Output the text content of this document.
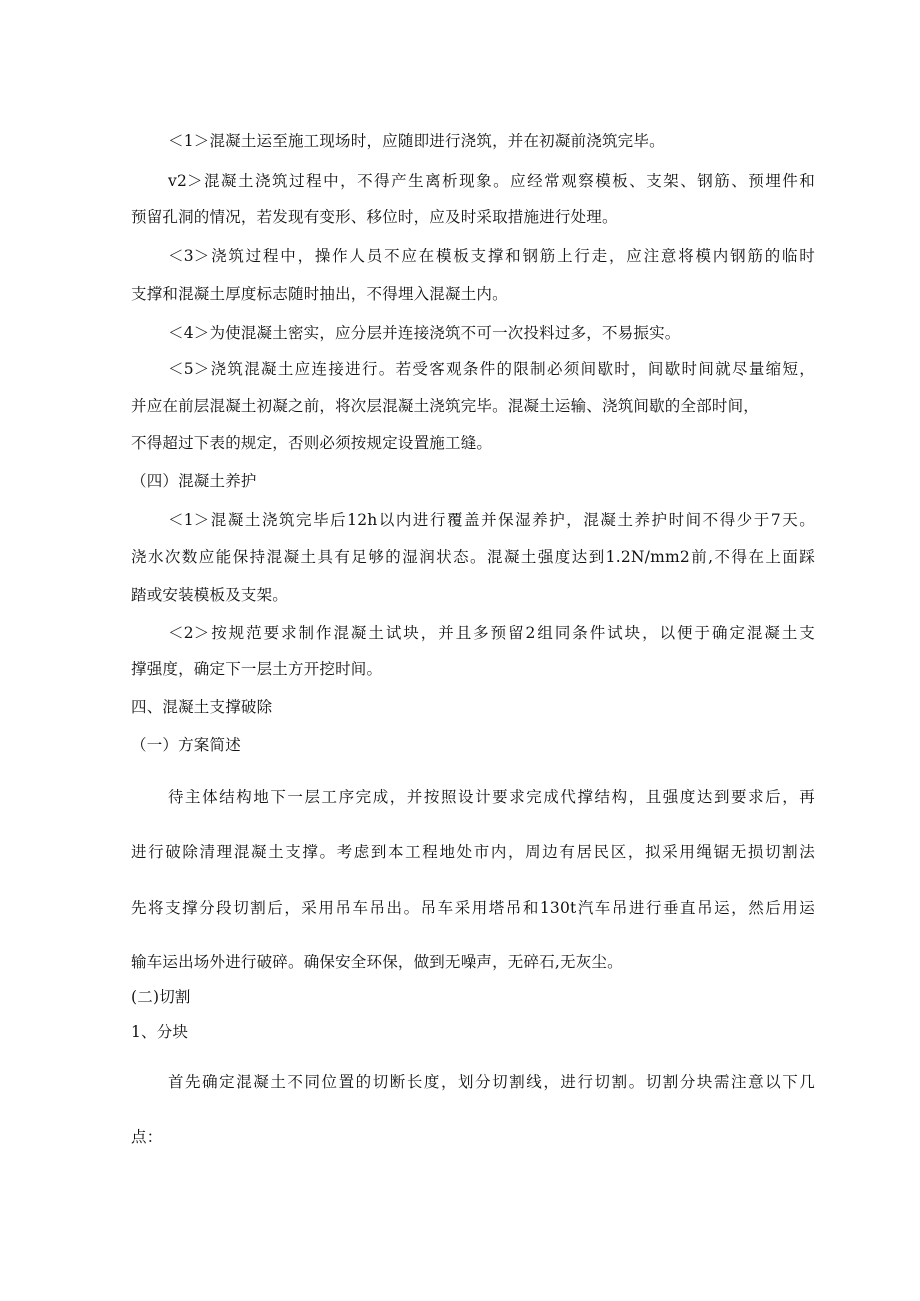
＜1＞混凝土运至施工现场时，应随即进行浇筑，并在初凝前浇筑完毕。
v2＞混凝土浇筑过程中，不得产生离析现象。应经常观察模板、支架、钢筋、预埋件和
预留孔洞的情况，若发现有变形、移位时，应及时采取措施进行处理。
＜3＞浇筑过程中，操作人员不应在模板支撑和钢筋上行走，应注意将模内钢筋的临时
支撑和混凝土厚度标志随时抽出，不得埋入混凝土内。
＜4＞为使混凝土密实，应分层并连接浇筑不可一次投料过多，不易振实。
＜5＞浇筑混凝土应连接进行。若受客观条件的限制必须间歇时，间歇时间就尽量缩短，
并应在前层混凝土初凝之前，将次层混凝土浇筑完毕。混凝土运输、浇筑间歇的全部时间，
不得超过下表的规定，否则必须按规定设置施工缝。
（四）混凝土养护
＜1＞混凝土浇筑完毕后12h以内进行覆盖并保湿养护，混凝土养护时间不得少于7天。
浇水次数应能保持混凝土具有足够的湿润状态。混凝土强度达到1.2N/mm2前,不得在上面踩
踏或安装模板及支架。
＜2＞按规范要求制作混凝土试块，并且多预留2组同条件试块，以便于确定混凝土支
撑强度，确定下一层土方开挖时间。
四、混凝土支撑破除
（一）方案简述
待主体结构地下一层工序完成，并按照设计要求完成代撑结构，且强度达到要求后，再
进行破除清理混凝土支撑。考虑到本工程地处市内，周边有居民区，拟采用绳锯无损切割法
先将支撑分段切割后，采用吊车吊出。吊车采用塔吊和130t汽车吊进行垂直吊运，然后用运
输车运出场外进行破碎。确保安全环保，做到无噪声，无碎石,无灰尘。
(二)切割
1、分块
首先确定混凝土不同位置的切断长度，划分切割线，进行切割。切割分块需注意以下几
点：
